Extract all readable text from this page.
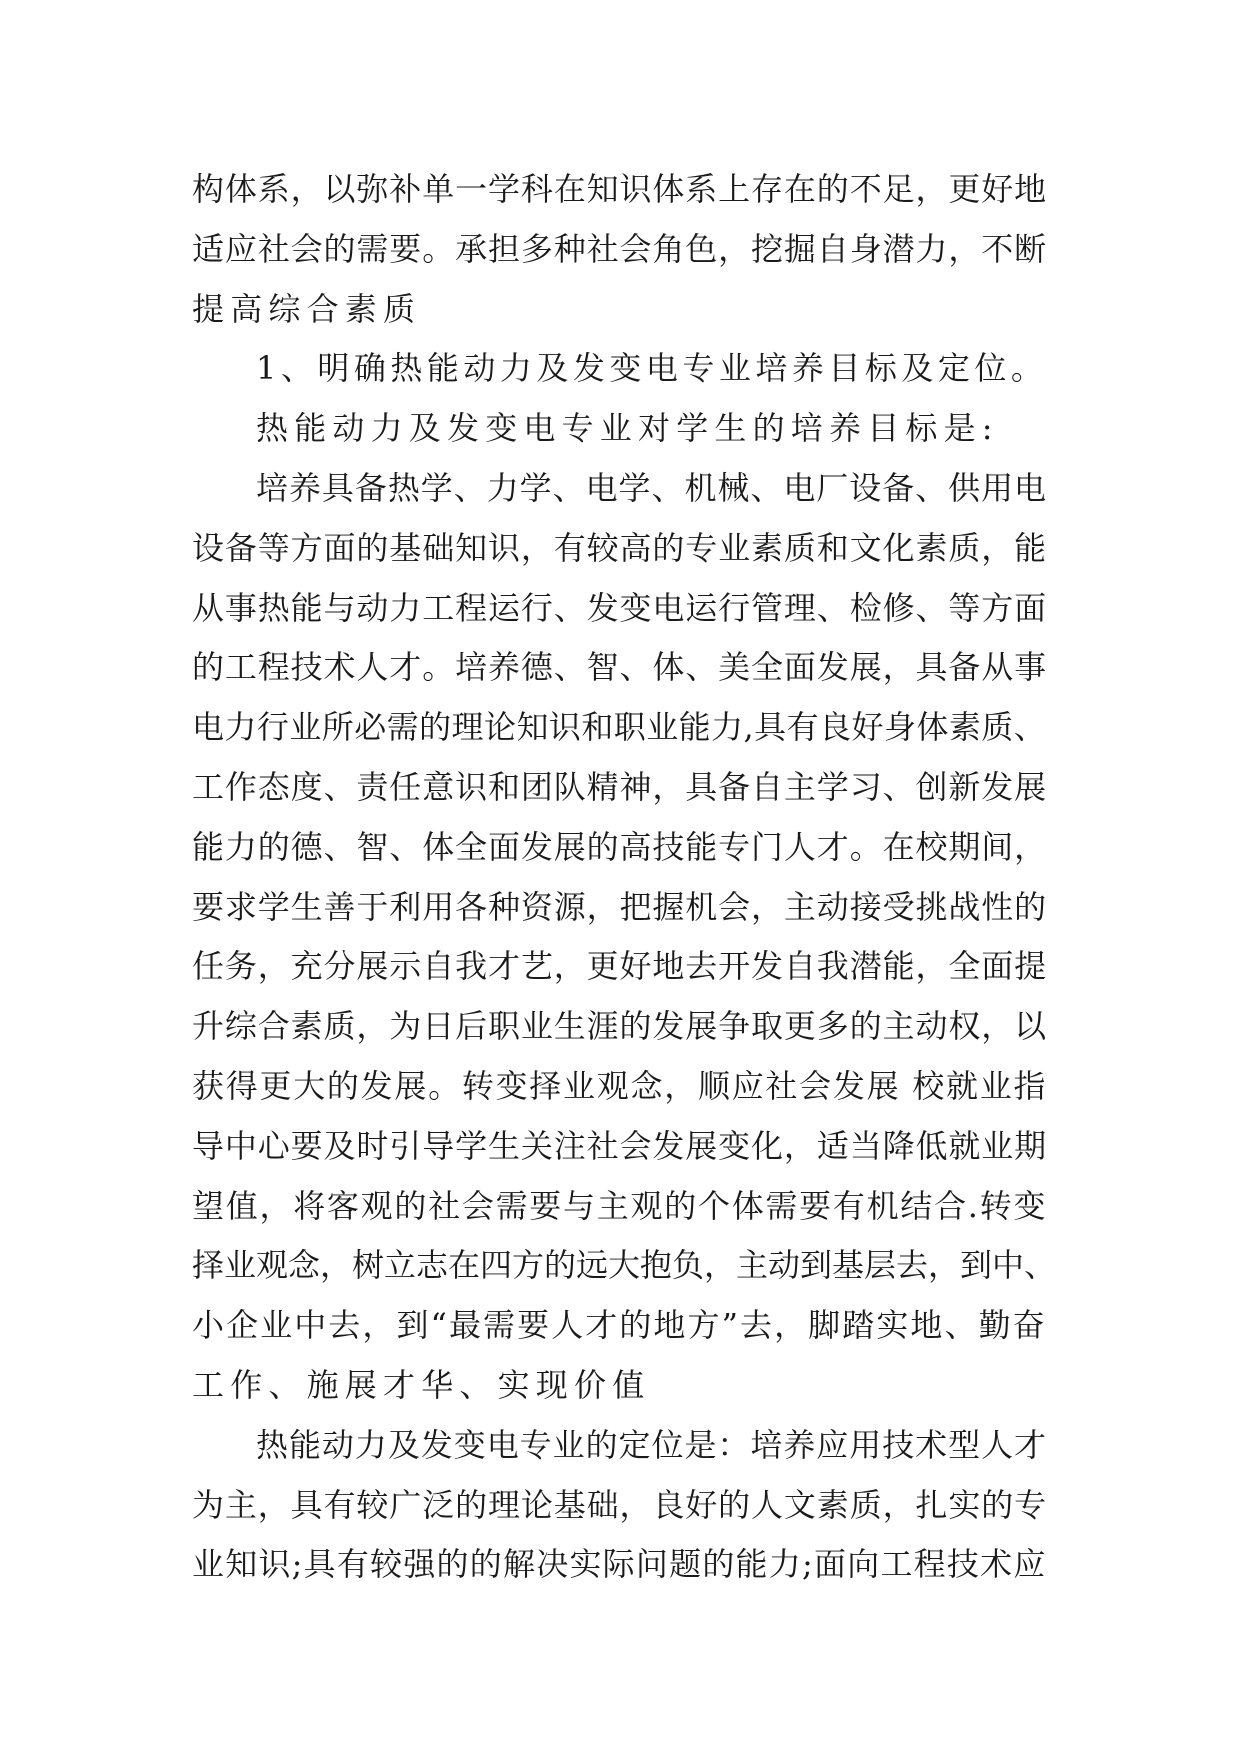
构体系，以弥补单一学科在知识体系上存在的不足，更好地
适应社会的需要。承担多种社会角色，挖掘自身潜力，不断
提高综合素质
1、明确热能动力及发变电专业培养目标及定位。
热能动力及发变电专业对学生的培养目标是:
培养具备热学、力学、电学、机械、电厂设备、供用电
设备等方面的基础知识，有较高的专业素质和文化素质，能
从事热能与动力工程运行、发变电运行管理、检修、等方面
的工程技术人才。培养德、智、体、美全面发展，具备从事
电力行业所必需的理论知识和职业能力,具有良好身体素质、
工作态度、责任意识和团队精神，具备自主学习、创新发展
能力的德、智、体全面发展的高技能专门人才。在校期间，
要求学生善于利用各种资源，把握机会，主动接受挑战性的
任务，充分展示自我才艺，更好地去开发自我潜能，全面提
升综合素质，为日后职业生涯的发展争取更多的主动权，以
获得更大的发展。转变择业观念，顺应社会发展 校就业指
导中心要及时引导学生关注社会发展变化，适当降低就业期
望值，将客观的社会需要与主观的个体需要有机结合.转变
择业观念，树立志在四方的远大抱负，主动到基层去，到中、
小企业中去，到“最需要人才的地方”去，脚踏实地、勤奋
工作、施展才华、实现价值
热能动力及发变电专业的定位是：培养应用技术型人才
为主，具有较广泛的理论基础，良好的人文素质，扎实的专
业知识;具有较强的的解决实际问题的能力;面向工程技术应
